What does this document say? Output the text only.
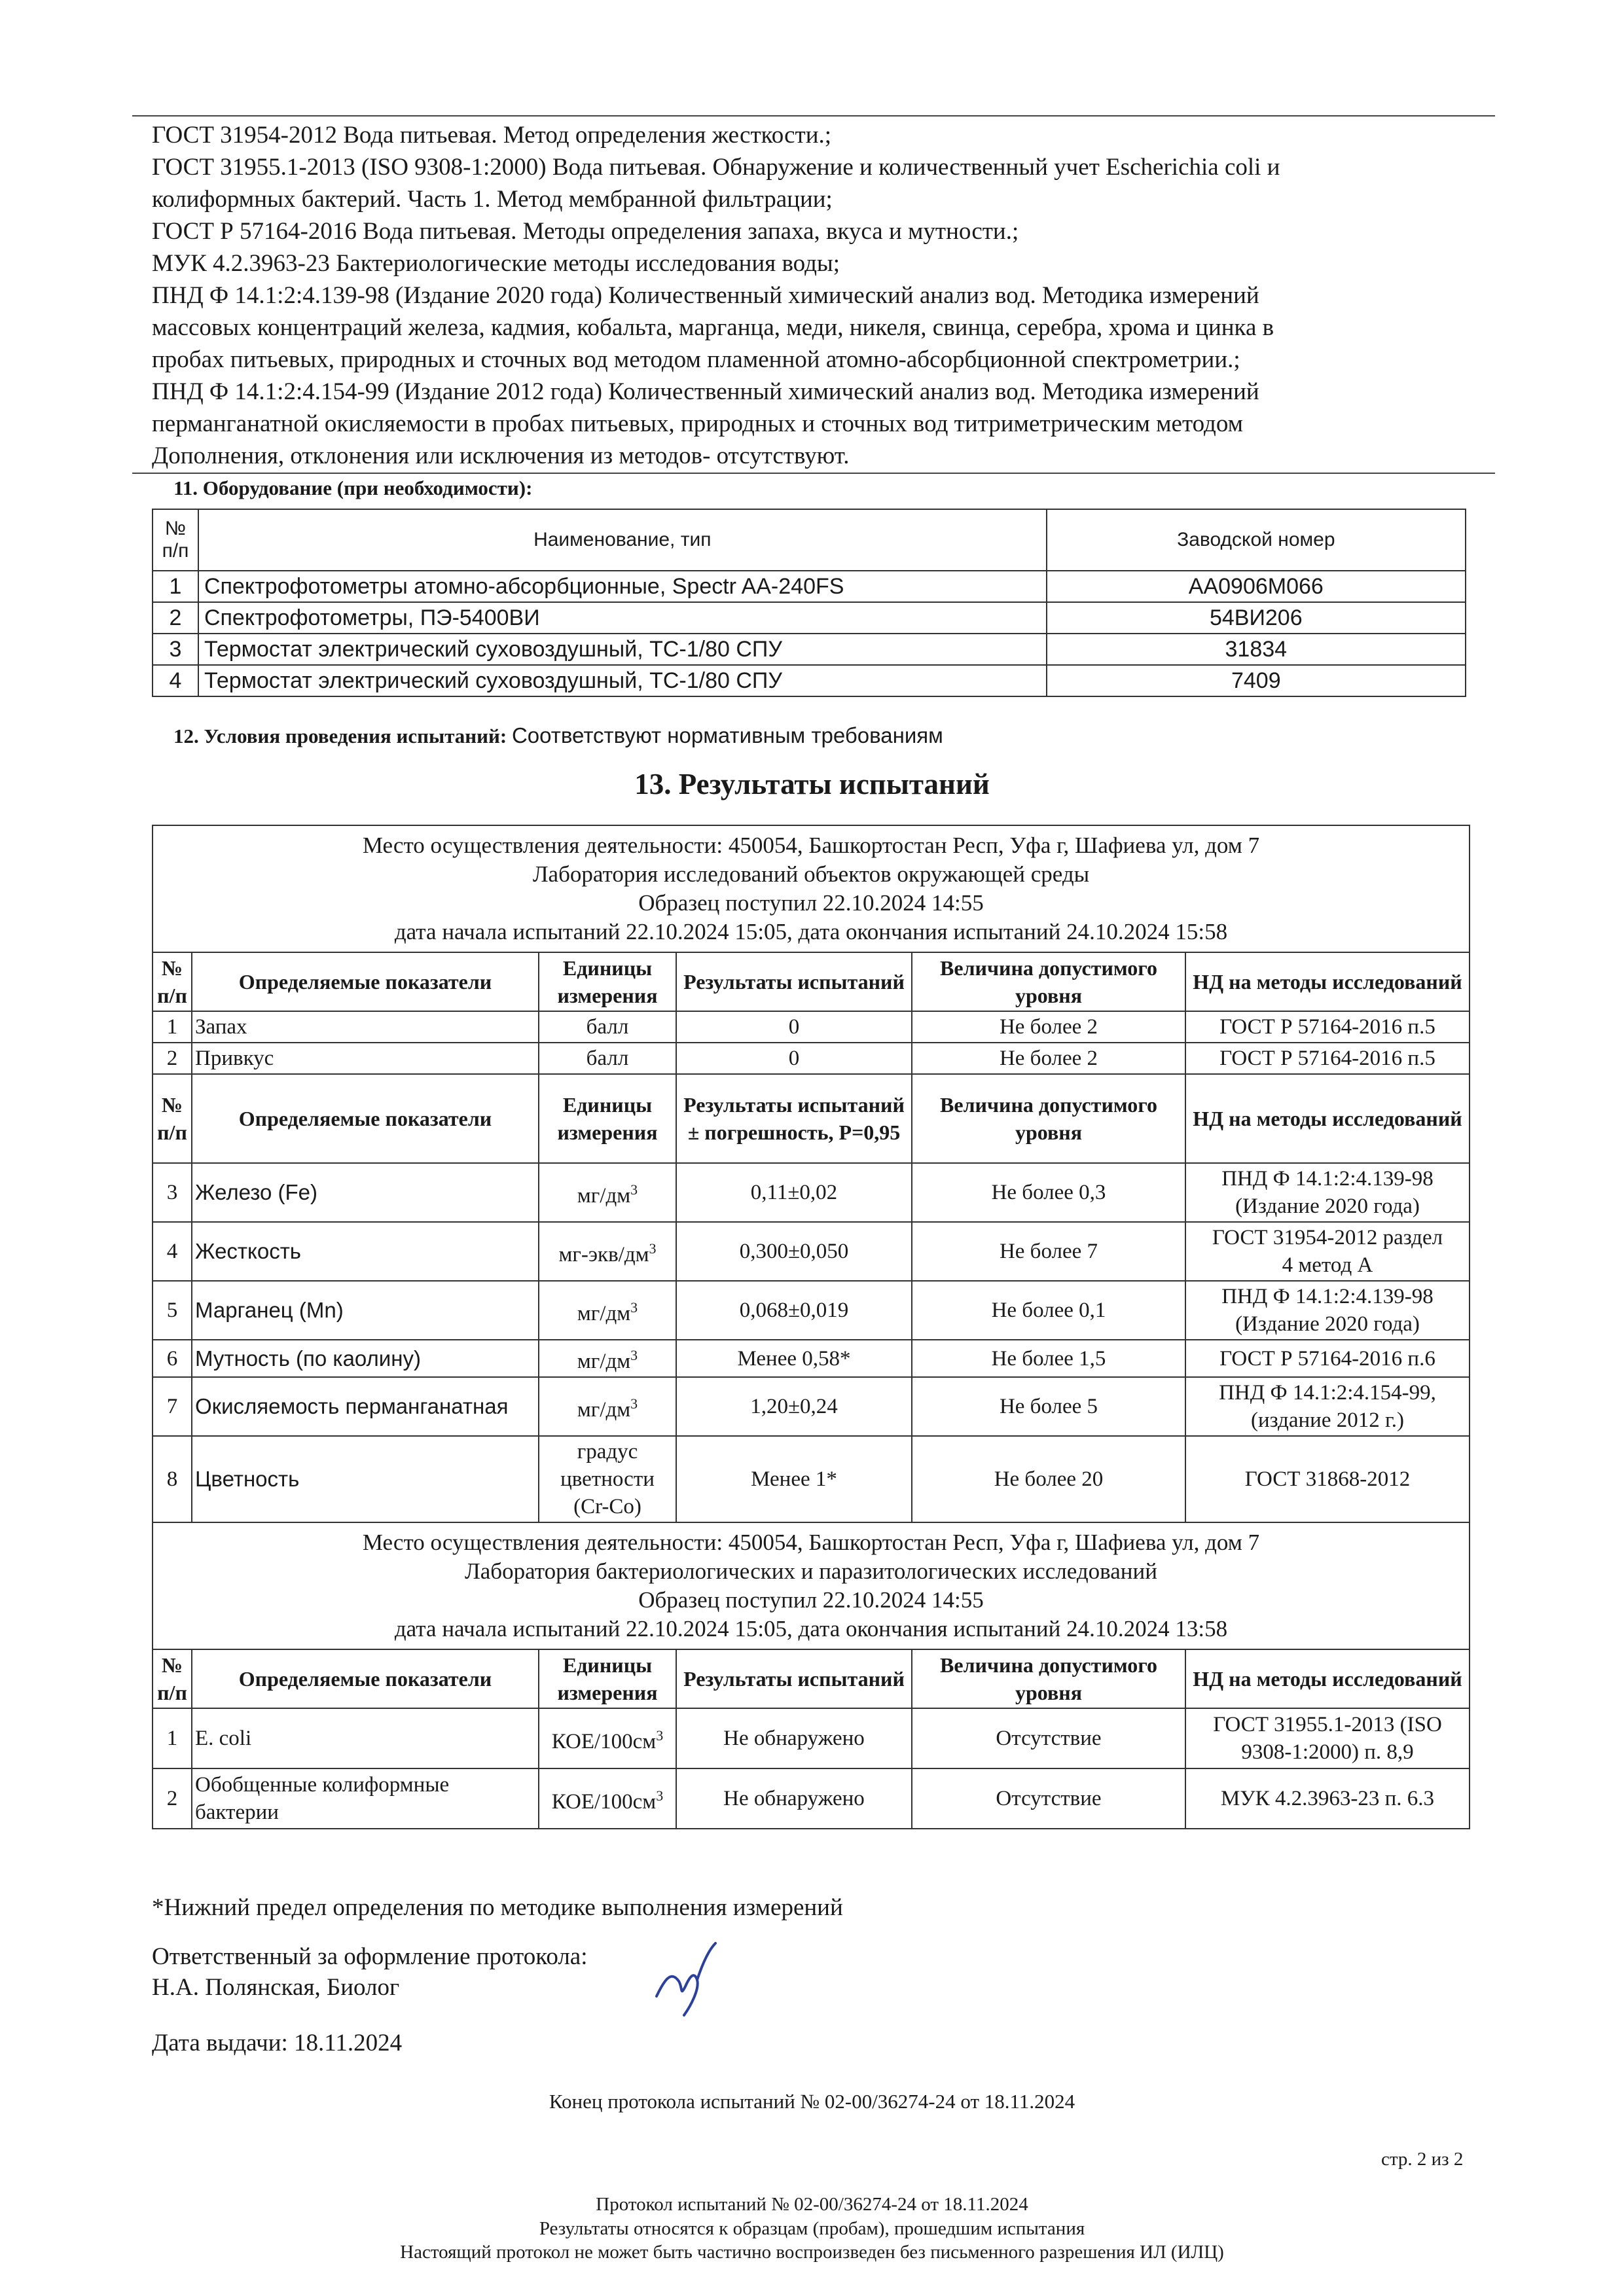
ГОСТ 31954-2012 Вода питьевая. Метод определения жесткости.;

ГОСТ 31955.1-2013 (ISO 9308-1:2000) Вода питьевая. Обнаружение и количественный учет Escherichia coli и

колиформных бактерий. Часть 1. Метод мембранной фильтрации;

ГОСТ Р 57164-2016 Вода питьевая. Методы определения запаха, вкуса и мутности.;

МУК 4.2.3963-23 Бактериологические методы исследования воды;

ПНД Ф 14.1:2:4.139-98 (Издание 2020 года) Количественный химический анализ вод. Методика измерений

массовых концентраций железа, кадмия, кобальта, марганца, меди, никеля, свинца, серебра, хрома и цинка в

пробах питьевых, природных и сточных вод методом пламенной атомно-абсорбционной спектрометрии.;

ПНД Ф 14.1:2:4.154-99 (Издание 2012 года) Количественный химический анализ вод. Методика измерений

перманганатной окисляемости в пробах питьевых, природных и сточных вод титриметрическим методом

Дополнения, отклонения или исключения из методов- отсутствуют.

11. Оборудование (при необходимости):
№ п/п	Наименование, тип	Заводской номер
1	Спектрофотометры атомно-абсорбционные, Spectr AA-240FS	АА0906М066
2	Спектрофотометры, ПЭ-5400ВИ	54ВИ206
3	Термостат электрический суховоздушный, ТС-1/80 СПУ	31834
4	Термостат электрический суховоздушный, ТС-1/80 СПУ	7409
12. Условия проведения испытаний: Соответствуют нормативным требованиям
13. Результаты испытаний
Место осуществления деятельности: 450054, Башкортостан Респ, Уфа г, Шафиева ул, дом 7
Лаборатория исследований объектов окружающей среды
Образец поступил 22.10.2024 14:55
дата начала испытаний 22.10.2024 15:05, дата окончания испытаний 24.10.2024 15:58					

№ п/п	Определяемые показатели	Единицы измерения	Результаты испытаний	Величина допустимого уровня	НД на методы исследований
1	Запах	балл	0	Не более 2	ГОСТ Р 57164-2016 п.5
2	Привкус	балл	0	Не более 2	ГОСТ Р 57164-2016 п.5
№ п/п	Определяемые показатели	Единицы измерения	Результаты испытаний ± погрешность, Р=0,95	Величина допустимого уровня	НД на методы исследований
3	Железо (Fe)	$мг/дм^3$	0,11±0,02	Не более 0,3	ПНД Ф 14.1:2:4.139-98
(Издание 2020 года)

4	Жесткость	$мг-экв/дм^3$	0,300±0,050	Не более 7	ГОСТ 31954-2012 раздел
4 метод А

5	Марганец (Mn)	$мг/дм^3$	0,068±0,019	Не более 0,1	ПНД Ф 14.1:2:4.139-98
(Издание 2020 года)

6	Мутность (по каолину)	$мг/дм^3$	Менее 0,58*	Не более 1,5	ГОСТ Р 57164-2016 п.6
7	Окисляемость перманганатная	$мг/дм^3$	1,20±0,24	Не более 5	ПНД Ф 14.1:2:4.154-99,
(издание 2012 г.)

8	Цветность	градус
цветности
(Cr-Co)	Менее 1*	Не более 20	ГОСТ 31868-2012

Место осуществления деятельности: 450054, Башкортостан Респ, Уфа г, Шафиева ул, дом 7
Лаборатория бактериологических и паразитологических исследований
Образец поступил 22.10.2024 14:55
дата начала испытаний 22.10.2024 15:05, дата окончания испытаний 24.10.2024 13:58					

№ п/п	Определяемые показатели	Единицы измерения	Результаты испытаний	Величина допустимого уровня	НД на методы исследований
1	E. coli	КОЕ/$100см^3$	Не обнаружено	Отсутствие	ГОСТ 31955.1-2013 (ISO
9308-1:2000) п. 8,9

2	Обобщенные колиформные бактерии	КОЕ/$100см^3$	Не обнаружено	Отсутствие	МУК 4.2.3963-23 п. 6.3
*Нижний предел определения по методике выполнения измерений
Ответственный за оформление протокола:
Н.А. Полянская, Биолог
Дата выдачи: 18.11.2024
Конец протокола испытаний № 02-00/36274-24 от 18.11.2024
стр. 2 из 2
Протокол испытаний № 02-00/36274-24 от 18.11.2024
Результаты относятся к образцам (пробам), прошедшим испытания
Настоящий протокол не может быть частично воспроизведен без письменного разрешения ИЛ (ИЛЦ)
